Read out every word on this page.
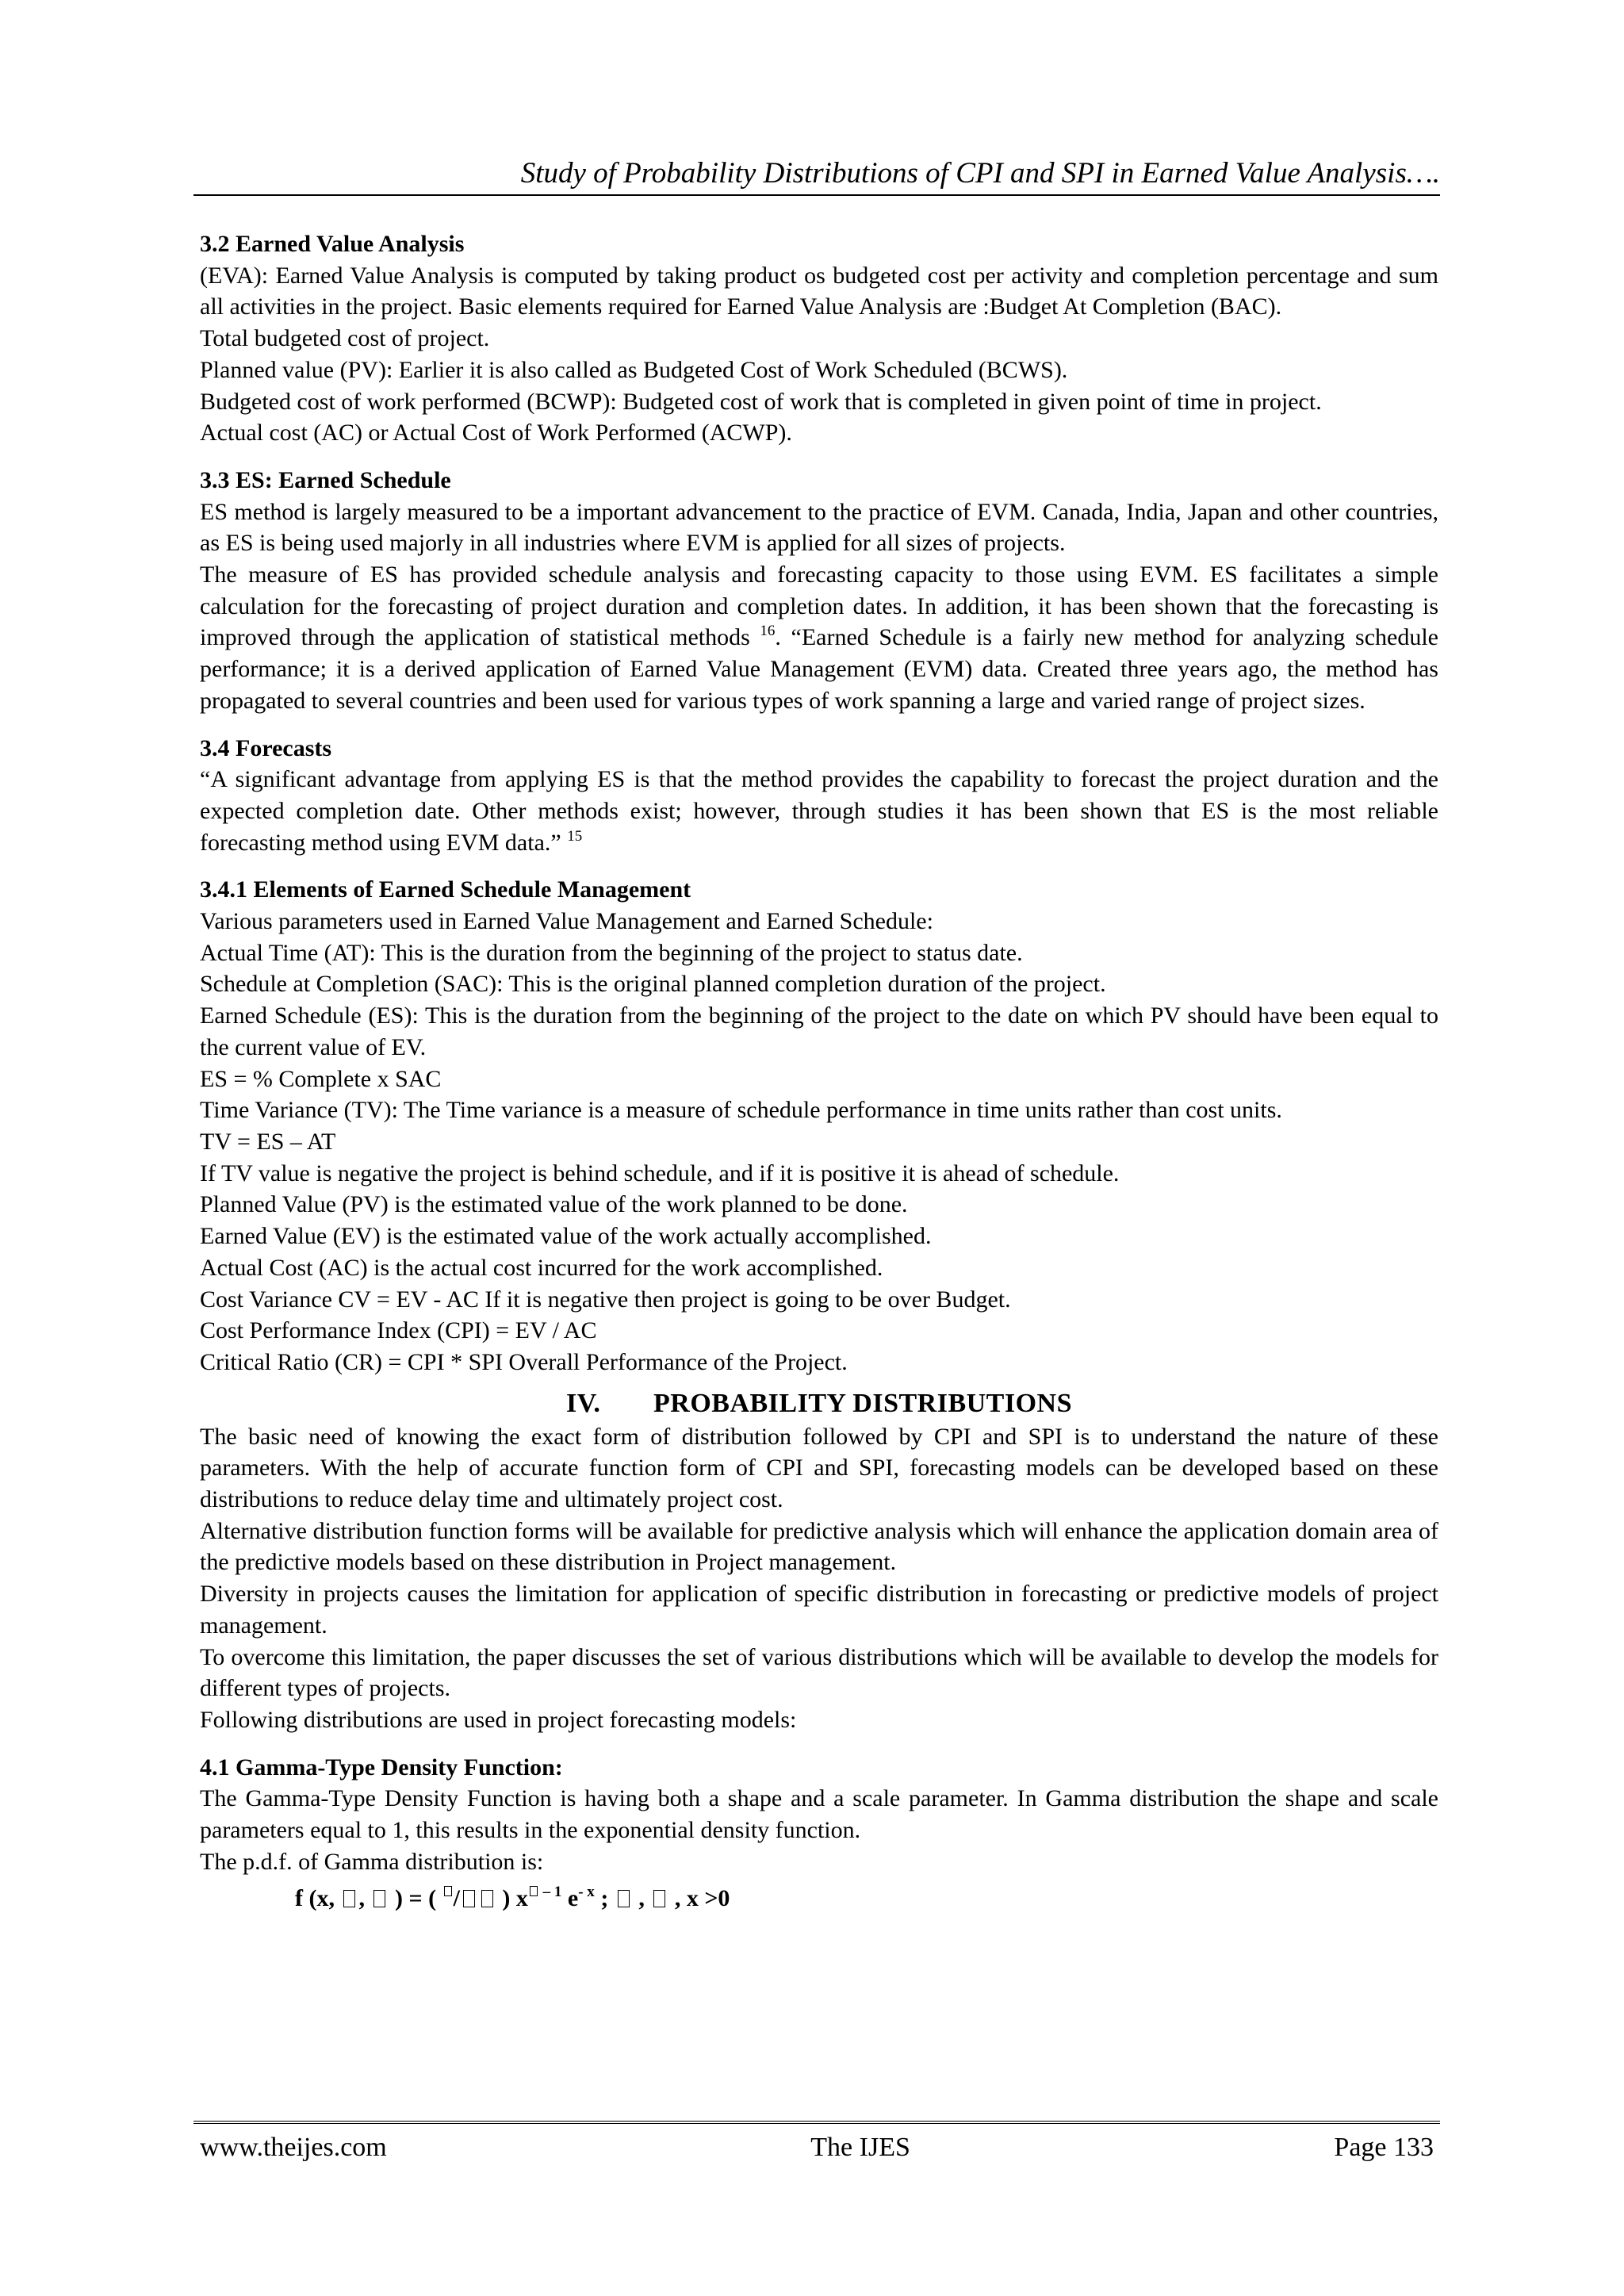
Study of Probability Distributions of CPI and SPI in Earned Value Analysis….

3.2 Earned Value Analysis

(EVA): Earned Value Analysis is computed by taking product os budgeted cost per activity and completion percentage and sum all activities in the project. Basic elements required for Earned Value Analysis are :Budget At Completion (BAC).

Total budgeted cost of project.

Planned value (PV): Earlier it is also called as Budgeted Cost of Work Scheduled (BCWS).

Budgeted cost of work performed (BCWP): Budgeted cost of work that is completed in given point of time in project.

Actual cost (AC) or Actual Cost of Work Performed (ACWP).

3.3 ES: Earned Schedule

ES method is largely measured to be a important advancement to the practice of EVM. Canada, India, Japan and other countries, as ES is being used majorly in all industries where EVM is applied for all sizes of projects.

The measure of ES has provided schedule analysis and forecasting capacity to those using EVM. ES facilitates a simple calculation for the forecasting of project duration and completion dates. In addition, it has been shown that the forecasting is improved through the application of statistical methods $^{16}$. “Earned Schedule is a fairly new method for analyzing schedule performance; it is a derived application of Earned Value Management (EVM) data. Created three years ago, the method has propagated to several countries and been used for various types of work spanning a large and varied range of project sizes.

3.4 Forecasts

“A significant advantage from applying ES is that the method provides the capability to forecast the project duration and the expected completion date. Other methods exist; however, through studies it has been shown that ES is the most reliable forecasting method using EVM data.” $^{15}$

3.4.1 Elements of Earned Schedule Management

Various parameters used in Earned Value Management and Earned Schedule:

Actual Time (AT): This is the duration from the beginning of the project to status date.

Schedule at Completion (SAC): This is the original planned completion duration of the project.

Earned Schedule (ES): This is the duration from the beginning of the project to the date on which PV should have been equal to the current value of EV.

ES = % Complete x SAC

Time Variance (TV): The Time variance is a measure of schedule performance in time units rather than cost units.

TV = ES – AT

If TV value is negative the project is behind schedule, and if it is positive it is ahead of schedule.

Planned Value (PV) is the estimated value of the work planned to be done.

Earned Value (EV) is the estimated value of the work actually accomplished.

Actual Cost (AC) is the actual cost incurred for the work accomplished.

Cost Variance CV = EV - AC If it is negative then project is going to be over Budget.

Cost Performance Index (CPI) = EV / AC

Critical Ratio (CR) = CPI * SPI Overall Performance of the Project.

IV. PROBABILITY DISTRIBUTIONS

The basic need of knowing the exact form of distribution followed by CPI and SPI is to understand the nature of these parameters. With the help of accurate function form of CPI and SPI, forecasting models can be developed based on these distributions to reduce delay time and ultimately project cost.

Alternative distribution function forms will be available for predictive analysis which will enhance the application domain area of the predictive models based on these distribution in Project management.

Diversity in projects causes the limitation for application of specific distribution in forecasting or predictive models of project management.

To overcome this limitation, the paper discusses the set of various distributions which will be available to develop the models for different types of projects.

Following distributions are used in project forecasting models:

4.1 Gamma-Type Density Function:

The Gamma-Type Density Function is having both a shape and a scale parameter. In Gamma distribution the shape and scale parameters equal to 1, this results in the exponential density function.

The p.d.f. of Gamma distribution is:

f (x, ,  ) = ( / ) x $^{- 1}$ $e^{- x}$ ;  ,  , x >0
www.theijes.com	The IJES	Page 133
